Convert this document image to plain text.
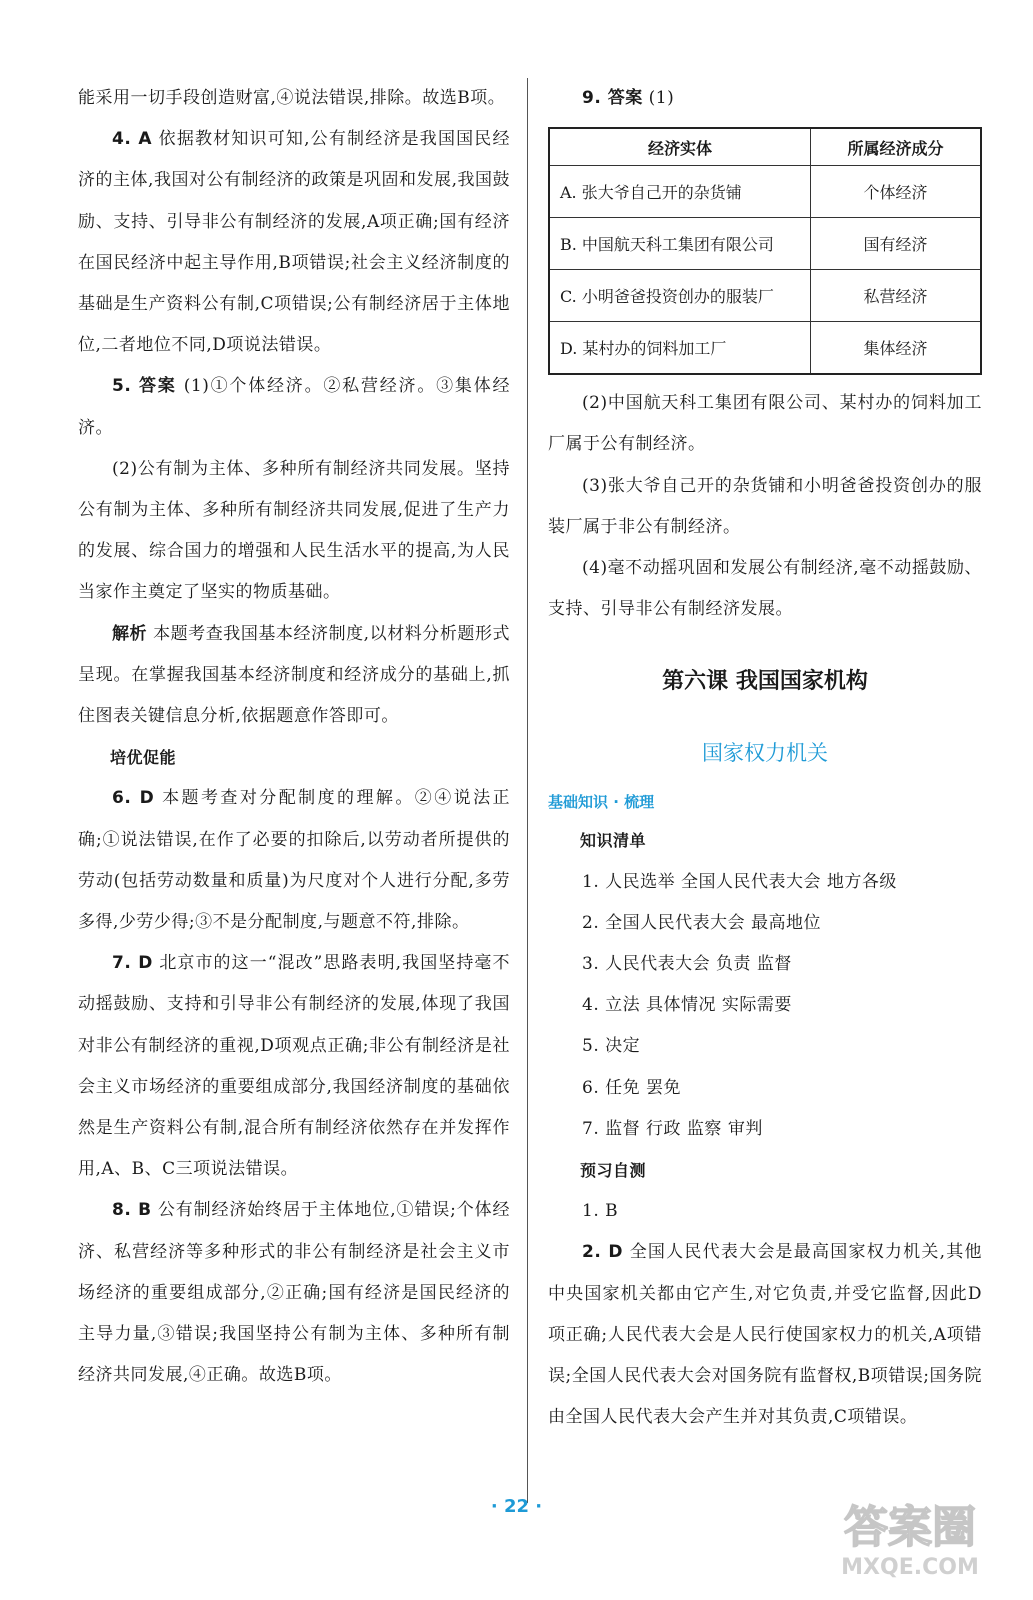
能采用一切手段创造财富,④说法错误,排除。故选B项。

4. A 依据教材知识可知,公有制经济是我国国民经济的主体,我国对公有制经济的政策是巩固和发展,我国鼓励、支持、引导非公有制经济的发展,A项正确;国有经济在国民经济中起主导作用,B项错误;社会主义经济制度的基础是生产资料公有制,C项错误;公有制经济居于主体地位,二者地位不同,D项说法错误。

5. 答案 (1)①个体经济。②私营经济。③集体经济。

(2)公有制为主体、多种所有制经济共同发展。坚持公有制为主体、多种所有制经济共同发展,促进了生产力的发展、综合国力的增强和人民生活水平的提高,为人民当家作主奠定了坚实的物质基础。

解析 本题考查我国基本经济制度,以材料分析题形式呈现。在掌握我国基本经济制度和经济成分的基础上,抓住图表关键信息分析,依据题意作答即可。

培优促能

6. D 本题考查对分配制度的理解。②④说法正确;①说法错误,在作了必要的扣除后,以劳动者所提供的劳动(包括劳动数量和质量)为尺度对个人进行分配,多劳多得,少劳少得;③不是分配制度,与题意不符,排除。

7. D 北京市的这一“混改”思路表明,我国坚持毫不动摇鼓励、支持和引导非公有制经济的发展,体现了我国对非公有制经济的重视,D项观点正确;非公有制经济是社会主义市场经济的重要组成部分,我国经济制度的基础依然是生产资料公有制,混合所有制经济依然存在并发挥作用,A、B、C三项说法错误。

8. B 公有制经济始终居于主体地位,①错误;个体经济、私营经济等多种形式的非公有制经济是社会主义市场经济的重要组成部分,②正确;国有经济是国民经济的主导力量,③错误;我国坚持公有制为主体、多种所有制经济共同发展,④正确。故选B项。

9. 答案 (1)

经济实体	所属经济成分
A. 张大爷自己开的杂货铺	个体经济
B. 中国航天科工集团有限公司	国有经济
C. 小明爸爸投资创办的服装厂	私营经济
D. 某村办的饲料加工厂	集体经济

(2)中国航天科工集团有限公司、某村办的饲料加工厂属于公有制经济。

(3)张大爷自己开的杂货铺和小明爸爸投资创办的服装厂属于非公有制经济。

(4)毫不动摇巩固和发展公有制经济,毫不动摇鼓励、支持、引导非公有制经济发展。

第六课 我国国家机构
国家权力机关
基础知识 · 梳理

知识清单

1. 人民选举 全国人民代表大会 地方各级

2. 全国人民代表大会 最高地位

3. 人民代表大会 负责 监督

4. 立法 具体情况 实际需要

5. 决定

6. 任免 罢免

7. 监督 行政 监察 审判

预习自测

1. B

2. D 全国人民代表大会是最高国家权力机关,其他中央国家机关都由它产生,对它负责,并受它监督,因此D项正确;人民代表大会是人民行使国家权力的机关,A项错误;全国人民代表大会对国务院有监督权,B项错误;国务院由全国人民代表大会产生并对其负责,C项错误。

· 22 ·	答案圈
MXQE.COM
